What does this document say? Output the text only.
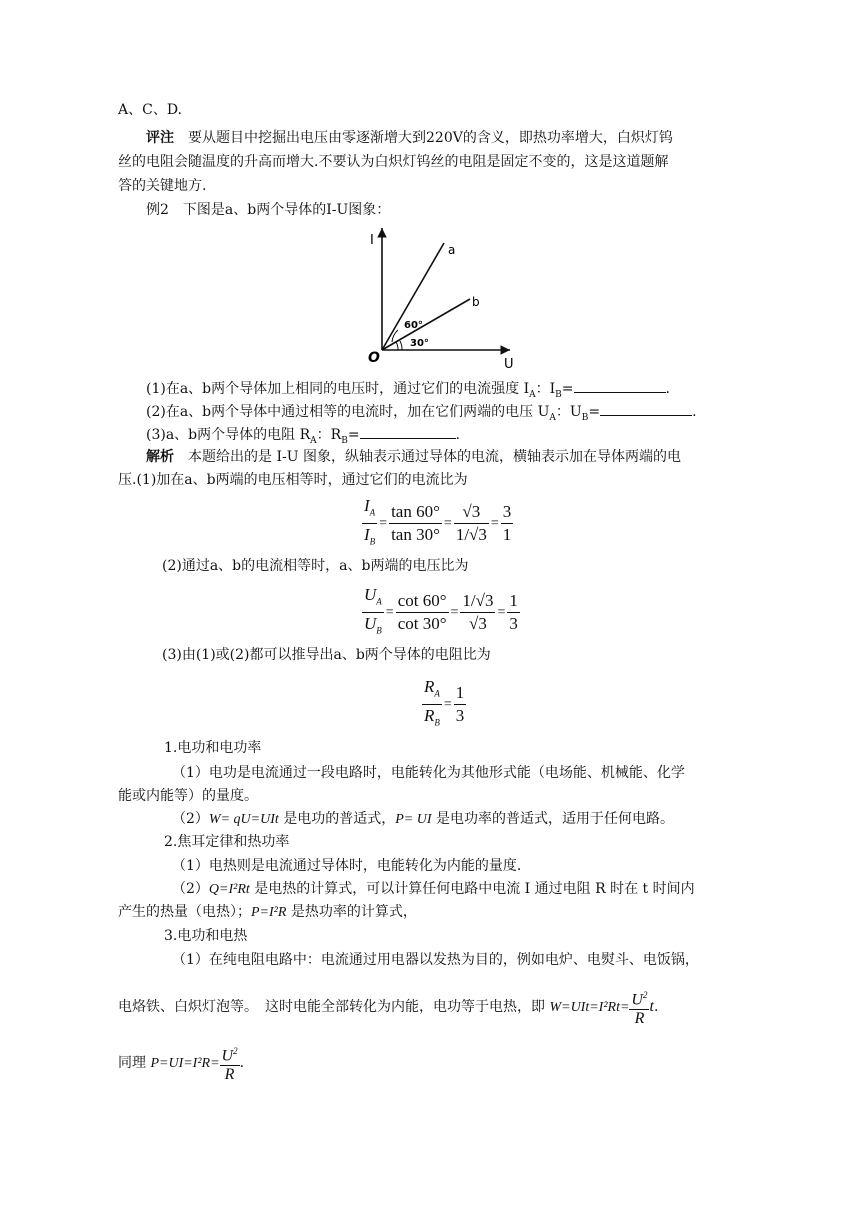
A、C、D.
评注　要从题目中挖掘出电压由零逐渐增大到220V的含义，即热功率增大，白炽灯钨
丝的电阻会随温度的升高而增大.不要认为白炽灯钨丝的电阻是固定不变的，这是这道题解
答的关键地方.
例2　下图是a、b两个导体的I-U图象：
I
U
O
a
b
60°
30°
(1)在a、b两个导体加上相同的电压时，通过它们的电流强度 $I_A$：$I_B=$	.
(2)在a、b两个导体中通过相等的电流时，加在它们两端的电压 $U_A$：$U_B=$	.
(3)a、b两个导体的电阻 $R_A$：$R_B=$	.
解析　本题给出的是 I-U 图象，纵轴表示通过导体的电流，横轴表示加在导体两端的电
压.(1)加在a、b两端的电压相等时，通过它们的电流比为
$\frac{I_A}{I_B} = \frac{\tan 60^\circ}{\tan 30^\circ} = \frac{√3}{1/√3} = \frac{3}{1}$
(2)通过a、b的电流相等时，a、b两端的电压比为
$\frac{U_A}{U_B} = \frac{\cot 60^\circ}{\cot 30^\circ} = \frac{1/√3}{√3} = \frac{1}{3}$
(3)由(1)或(2)都可以推导出a、b两个导体的电阻比为
$\frac{R_A}{R_B} = \frac{1}{3}$
1.电功和电功率
（1）电功是电流通过一段电路时，电能转化为其他形式能（电场能、机械能、化学
能或内能等）的量度。
（2）W= qU=UIt 是电功的普适式，P= UI 是电功率的普适式，适用于任何电路。
2.焦耳定律和热功率
（1）电热则是电流通过导体时，电能转化为内能的量度.
（2）Q=I²Rt 是电热的计算式，可以计算任何电路中电流 I 通过电阻 R 时在 t 时间内
产生的热量（电热）；P=I²R 是热功率的计算式，
3.电功和电热
（1）在纯电阻电路中：电流通过用电器以发热为目的，例如电炉、电熨斗、电饭锅，
电烙铁、白炽灯泡等。　这时电能全部转化为内能，电功等于电热，即 $W=UIt=I^2Rt= \frac{U^2}{R} t$.
同理 $P=UI=I^2R= \frac{U^2}{R}$ .
